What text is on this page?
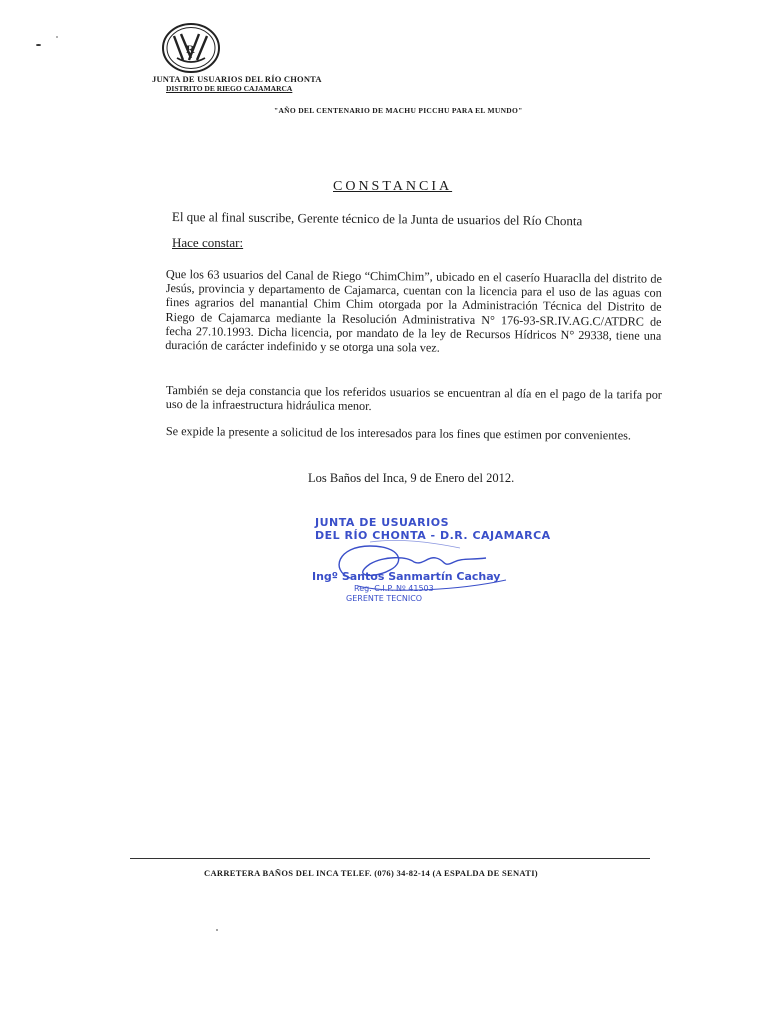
R
JUNTA DE USUARIOS DEL RÍO CHONTA
DISTRITO DE RIEGO CAJAMARCA
"AÑO DEL CENTENARIO DE MACHU PICCHU PARA EL MUNDO"
CONSTANCIA
El que al final suscribe, Gerente técnico de la Junta de usuarios del Río Chonta
Hace constar:
Que los 63 usuarios del Canal de Riego “ChimChim”, ubicado en el caserío Huaraclla del distrito de Jesús, provincia y departamento de Cajamarca, cuentan con la licencia para el uso de las aguas con fines agrarios del manantial Chim Chim otorgada por la Administración Técnica del Distrito de Riego de Cajamarca mediante la Resolución Administrativa N° 176-93-SR.IV.AG.C/ATDRC de fecha 27.10.1993. Dicha licencia, por mandato de la ley de Recursos Hídricos N° 29338, tiene una duración de carácter indefinido y se otorga una sola vez.
También se deja constancia que los referidos usuarios se encuentran al día en el pago de la tarifa por uso de la infraestructura hidráulica menor.
Se expide la presente a solicitud de los interesados para los fines que estimen por convenientes.
Los Baños del Inca, 9 de Enero del 2012.
JUNTA DE USUARIOS
DEL RÍO CHONTA - D.R. CAJAMARCA
Ingº Santos Sanmartín Cachay
Reg. C.I.P. Nº 41503
GERENTE TECNICO
CARRETERA BAÑOS DEL INCA TELEF. (076) 34-82-14 (A ESPALDA DE SENATI)
